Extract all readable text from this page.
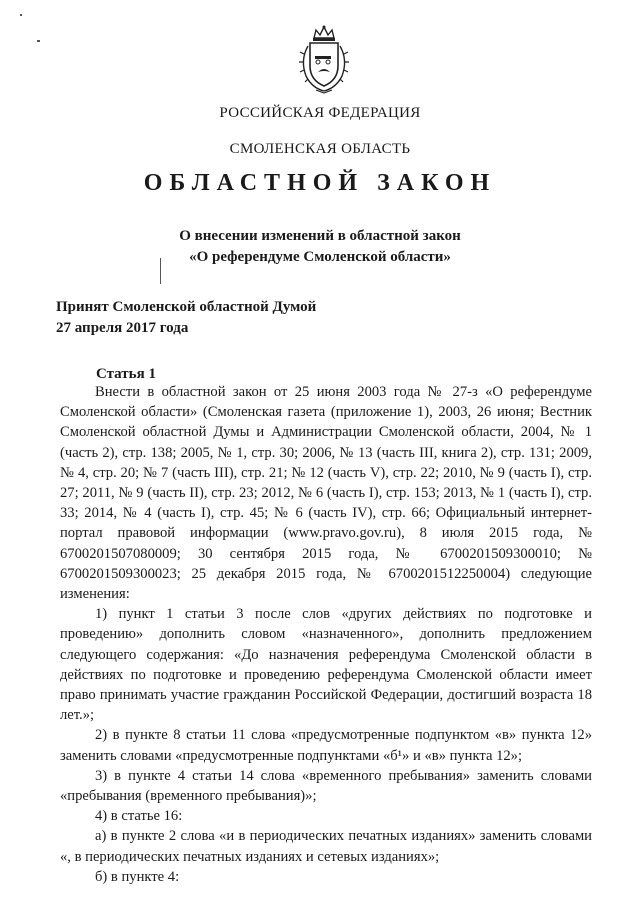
РОССИЙСКАЯ ФЕДЕРАЦИЯ
СМОЛЕНСКАЯ ОБЛАСТЬ
ОБЛАСТНОЙ ЗАКОН
О внесении изменений в областной закон
«О референдуме Смоленской области»
Принят Смоленской областной Думой
27 апреля 2017 года
Статья 1

Внести в областной закон от 25 июня 2003 года № 27-з «О референдуме Смоленской области» (Смоленская газета (приложение 1), 2003, 26 июня; Вестник Смоленской областной Думы и Администрации Смоленской области, 2004, № 1 (часть 2), стр. 138; 2005, № 1, стр. 30; 2006, № 13 (часть III, книга 2), стр. 131; 2009, № 4, стр. 20; № 7 (часть III), стр. 21; № 12 (часть V), стр. 22; 2010, № 9 (часть I), стр. 27; 2011, № 9 (часть II), стр. 23; 2012, № 6 (часть I), стр. 153; 2013, № 1 (часть I), стр. 33; 2014, № 4 (часть I), стр. 45; № 6 (часть IV), стр. 66; Официальный интернет-портал правовой информации (www.pravo.gov.ru), 8 июля 2015 года, № 6700201507080009; 30 сентября 2015 года, № 6700201509300010; № 6700201509300023; 25 декабря 2015 года, № 6700201512250004) следующие изменения:

1) пункт 1 статьи 3 после слов «других действиях по подготовке и проведению» дополнить словом «назначенного», дополнить предложением следующего содержания: «До назначения референдума Смоленской области в действиях по подготовке и проведению референдума Смоленской области имеет право принимать участие гражданин Российской Федерации, достигший возраста 18 лет.»;

2) в пункте 8 статьи 11 слова «предусмотренные подпунктом «в» пункта 12» заменить словами «предусмотренные подпунктами «б¹» и «в» пункта 12»;

3) в пункте 4 статьи 14 слова «временного пребывания» заменить словами «пребывания (временного пребывания)»;

4) в статье 16:

а) в пункте 2 слова «и в периодических печатных изданиях» заменить словами «, в периодических печатных изданиях и сетевых изданиях»;

б) в пункте 4:
